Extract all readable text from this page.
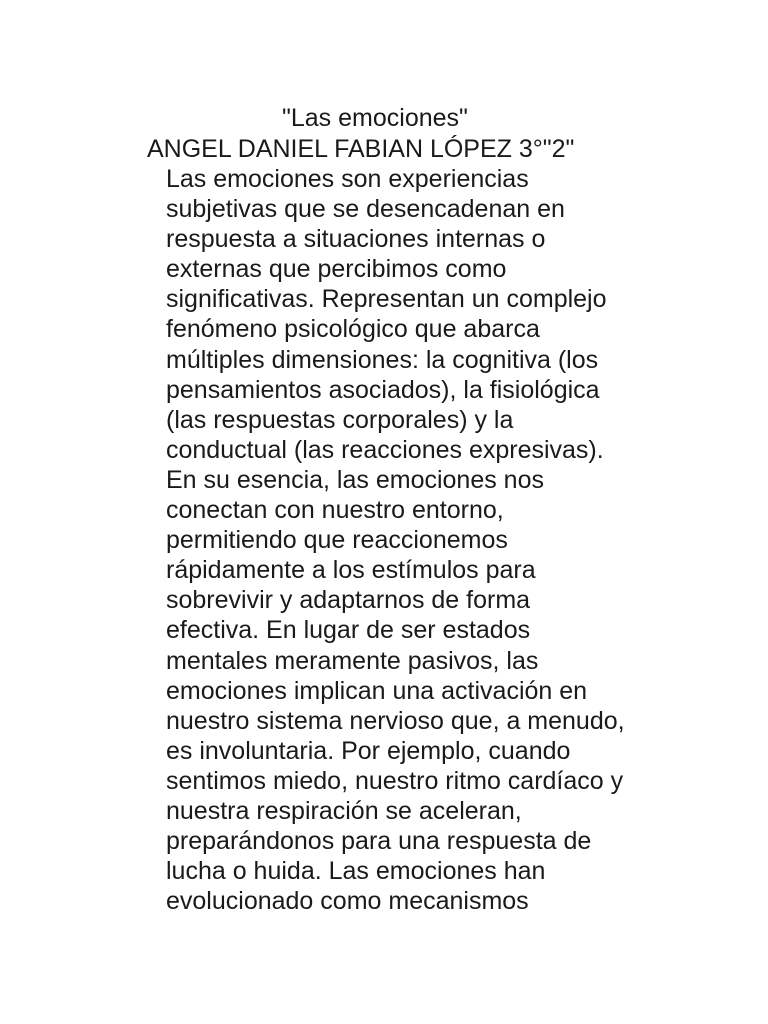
"Las emociones"
ANGEL DANIEL FABIAN LÓPEZ 3°"2"

Las emociones son experiencias
subjetivas que se desencadenan en
respuesta a situaciones internas o
externas que percibimos como
significativas. Representan un complejo
fenómeno psicológico que abarca
múltiples dimensiones: la cognitiva (los
pensamientos asociados), la fisiológica
(las respuestas corporales) y la
conductual (las reacciones expresivas).
En su esencia, las emociones nos
conectan con nuestro entorno,
permitiendo que reaccionemos
rápidamente a los estímulos para
sobrevivir y adaptarnos de forma
efectiva. En lugar de ser estados
mentales meramente pasivos, las
emociones implican una activación en
nuestro sistema nervioso que, a menudo,
es involuntaria. Por ejemplo, cuando
sentimos miedo, nuestro ritmo cardíaco y
nuestra respiración se aceleran,
preparándonos para una respuesta de
lucha o huida. Las emociones han
evolucionado como mecanismos
